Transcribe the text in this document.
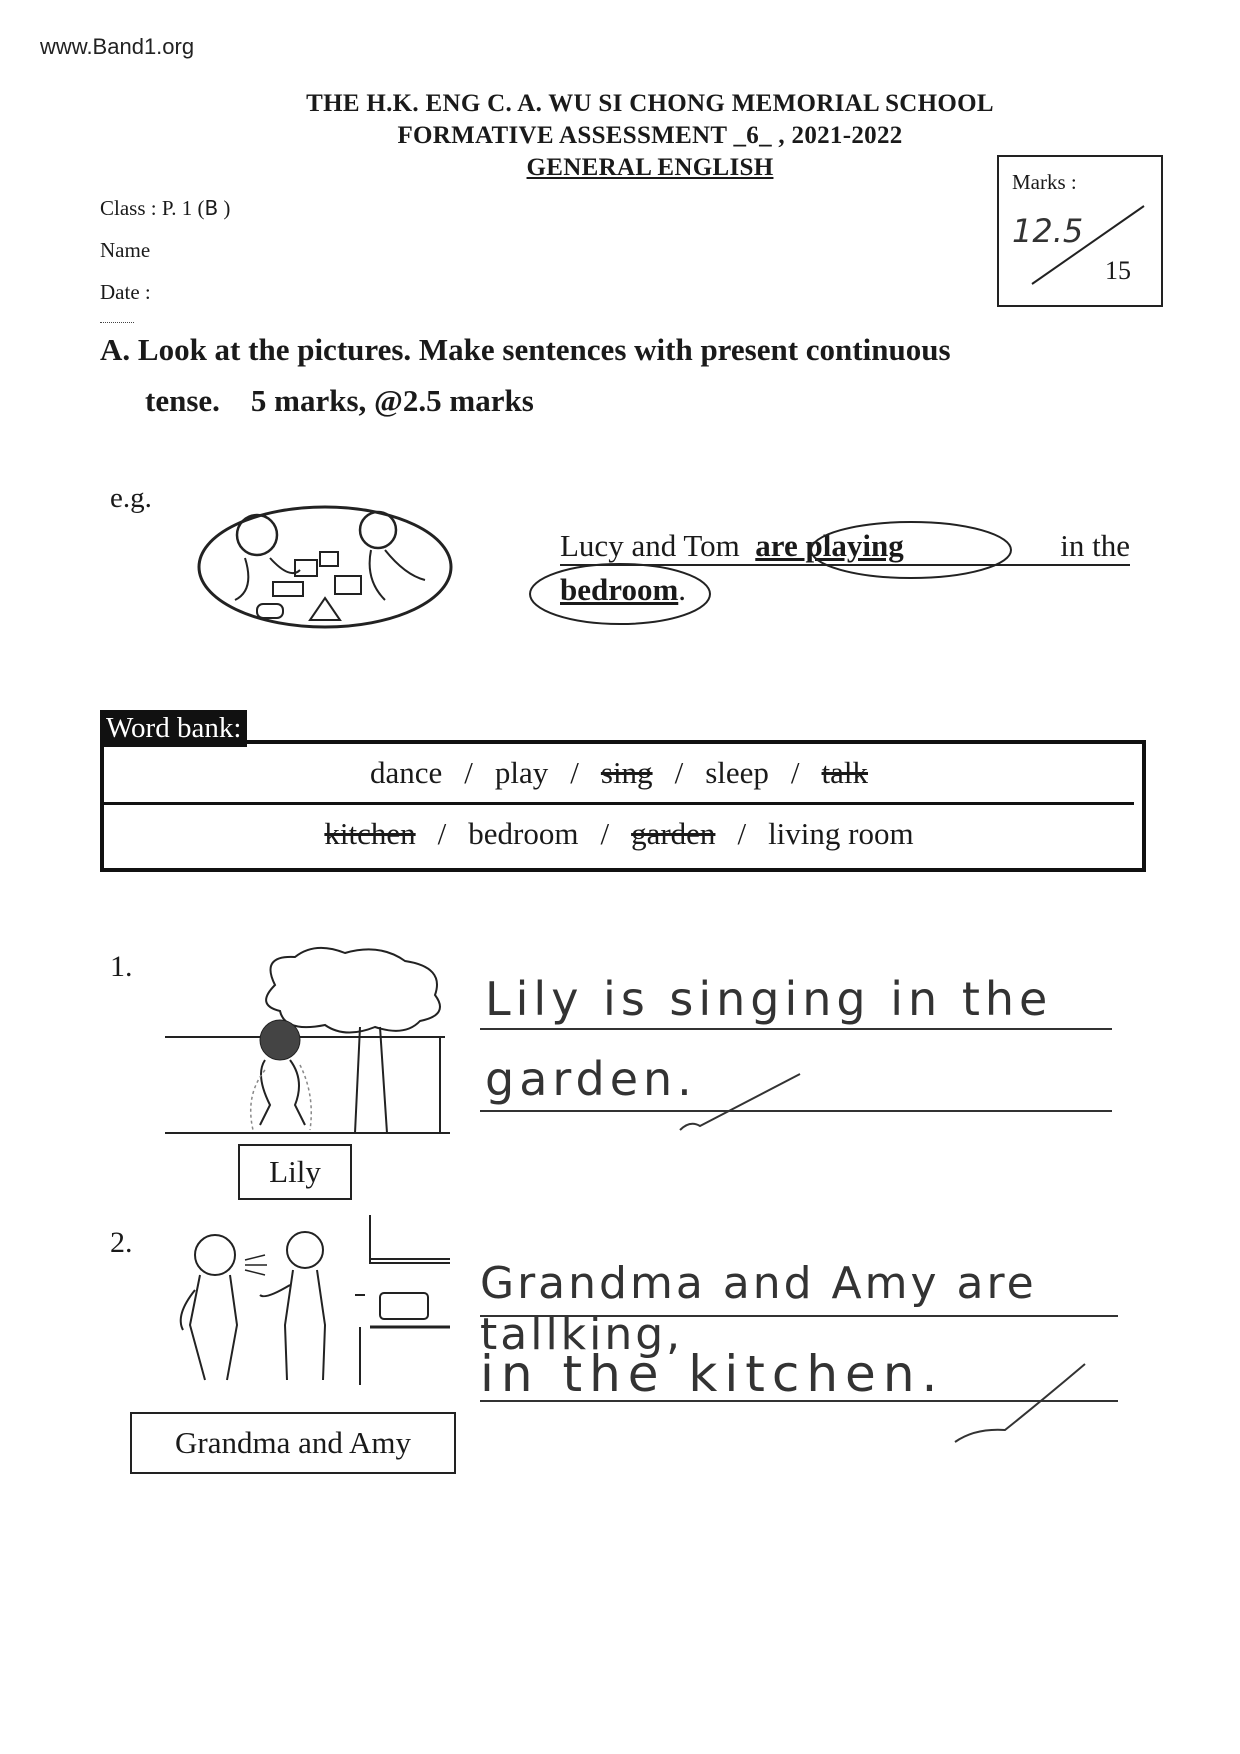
www.Band1.org
THE H.K. ENG C. A. WU SI CHONG MEMORIAL SCHOOL
FORMATIVE ASSESSMENT _6_ , 2021-2022
GENERAL ENGLISH
Class : P. 1 (B )
Name
Date :
Marks :
12.5
15
A. Look at the pictures. Make sentences with present continuous
tense.    5 marks, @2.5 marks
e.g.
Lucy and Tom are playing	in the
bedroom.
Word bank:
dance / play / sing / sleep / talk
kitchen / bedroom / garden / living room
1.
Lily
Lily is singing in the
garden.
2.
Grandma and Amy
Grandma and Amy are tallking,
in the kitchen.
